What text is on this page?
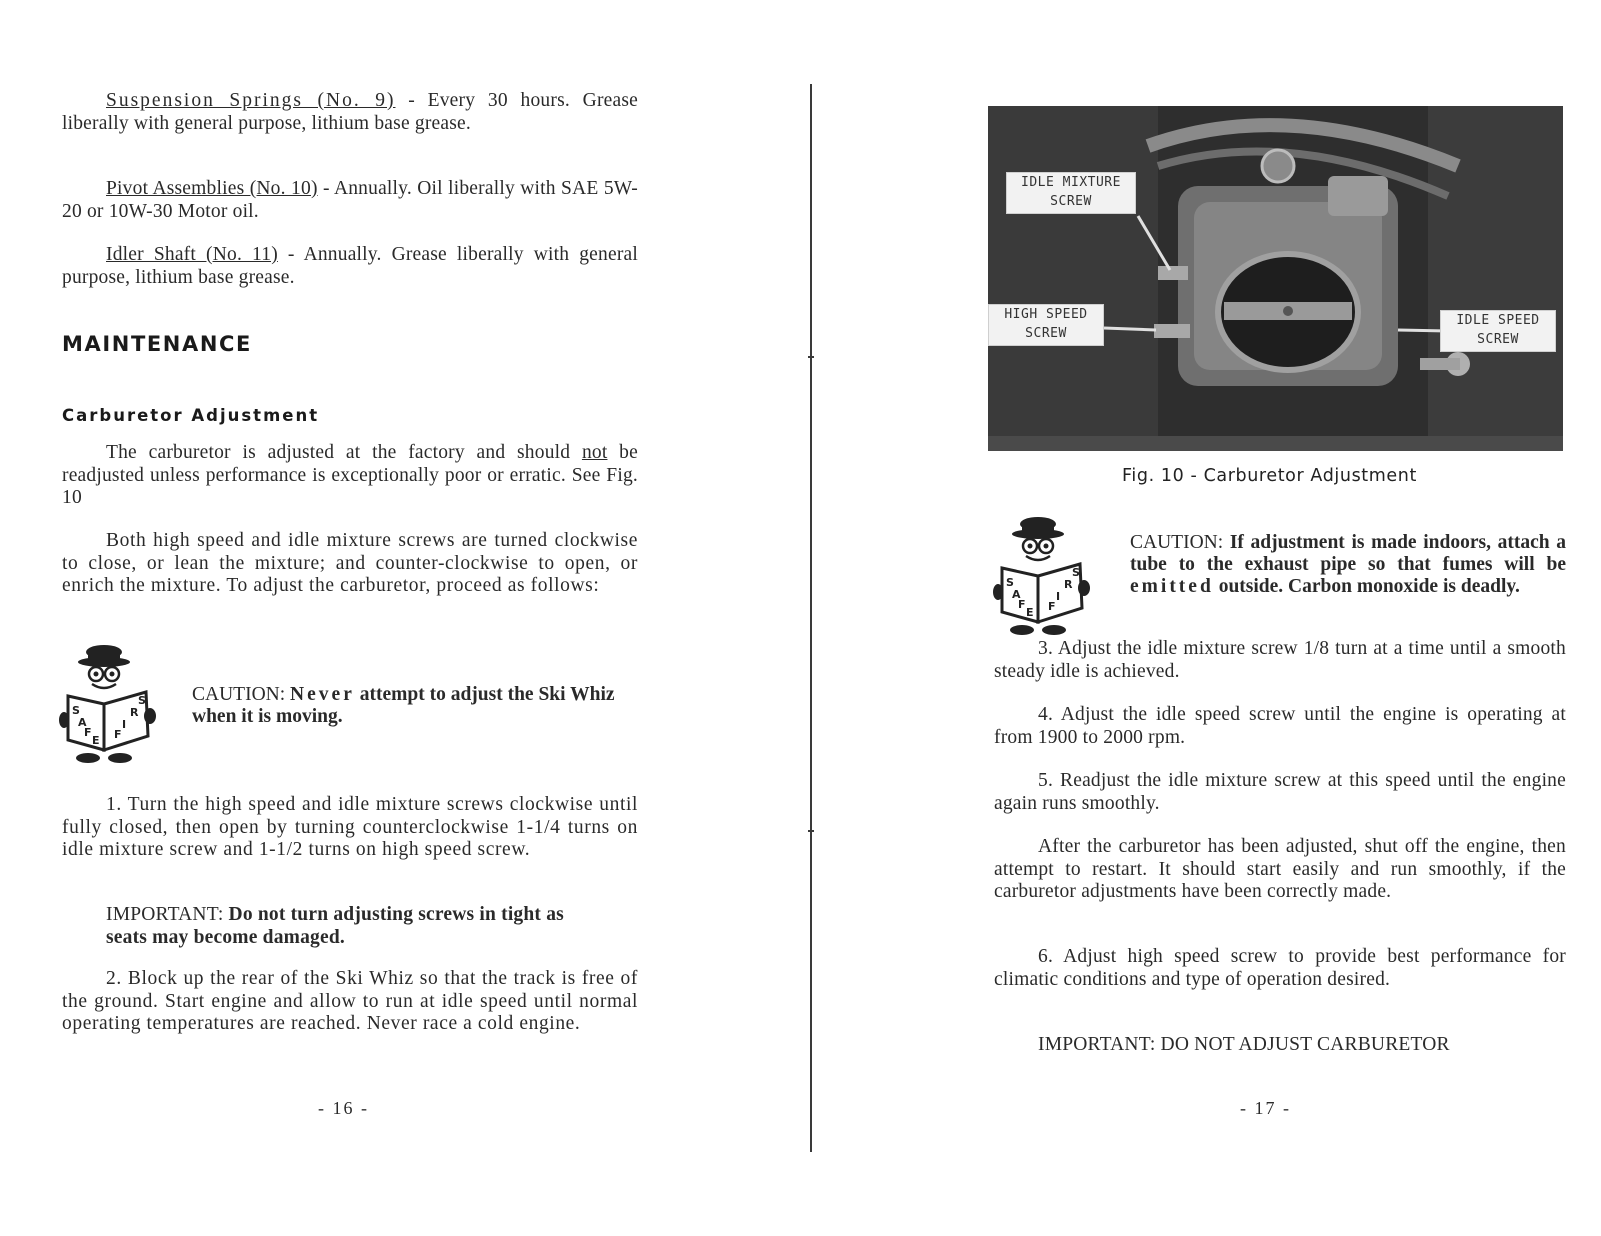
Suspension Springs (No. 9) - Every 30 hours. Grease liberally with general purpose, lithium base grease.
Pivot Assemblies (No. 10) - Annually. Oil liberally with SAE 5W-20 or 10W-30 Motor oil.
Idler Shaft (No. 11) - Annually. Grease liberally with general purpose, lithium base grease.
MAINTENANCE
Carburetor Adjustment
The carburetor is adjusted at the factory and should not be readjusted unless performance is exceptionally poor or erratic. See Fig. 10
Both high speed and idle mixture screws are turned clockwise to close, or lean the mixture; and counter-clockwise to open, or enrich the mixture. To adjust the carburetor, proceed as follows:
S
A
F
E F
I
R
S CAUTION: Never attempt to adjust the Ski Whiz when it is moving.
1. Turn the high speed and idle mixture screws clockwise until fully closed, then open by turning counterclockwise 1-1/4 turns on idle mixture screw and 1-1/2 turns on high speed screw.
IMPORTANT: Do not turn adjusting screws in tight as seats may become damaged.
2. Block up the rear of the Ski Whiz so that the track is free of the ground. Start engine and allow to run at idle speed until normal operating temperatures are reached. Never race a cold engine.
- 16 -
IDLE MIXTURE
SCREW
HIGH SPEED
SCREW
IDLE SPEED
SCREW
Fig. 10 - Carburetor Adjustment
S
A
F
E F
I
R
S
CAUTION: If adjustment is made indoors, attach a tube to the exhaust pipe so that fumes will be emitted outside. Carbon monoxide is deadly.
3. Adjust the idle mixture screw 1/8 turn at a time until a smooth steady idle is achieved.
4. Adjust the idle speed screw until the engine is operating at from 1900 to 2000 rpm.
5. Readjust the idle mixture screw at this speed until the engine again runs smoothly.
After the carburetor has been adjusted, shut off the engine, then attempt to restart. It should start easily and run smoothly, if the carburetor adjustments have been correctly made.
6. Adjust high speed screw to provide best performance for climatic conditions and type of operation desired.
IMPORTANT: DO NOT ADJUST CARBURETOR
- 17 -
